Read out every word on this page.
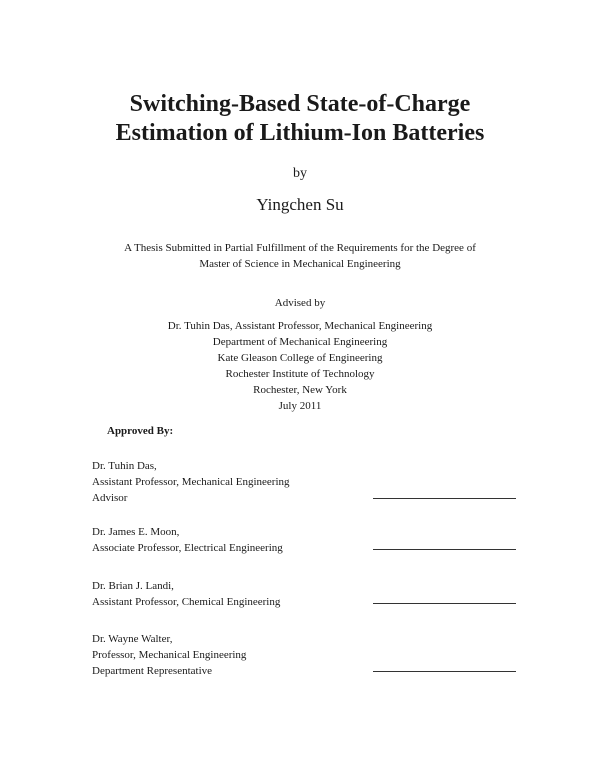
Switching-Based State-of-Charge
Estimation of Lithium-Ion Batteries
by
Yingchen Su
A Thesis Submitted in Partial Fulfillment of the Requirements for the Degree of
Master of Science in Mechanical Engineering
Advised by
Dr. Tuhin Das, Assistant Professor, Mechanical Engineering
Department of Mechanical Engineering
Kate Gleason College of Engineering
Rochester Institute of Technology
Rochester, New York
July 2011
Approved By:
Dr. Tuhin Das,
Assistant Professor, Mechanical Engineering
Advisor
Dr. James E. Moon,
Associate Professor, Electrical Engineering
Dr. Brian J. Landi,
Assistant Professor, Chemical Engineering
Dr. Wayne Walter,
Professor, Mechanical Engineering
Department Representative
